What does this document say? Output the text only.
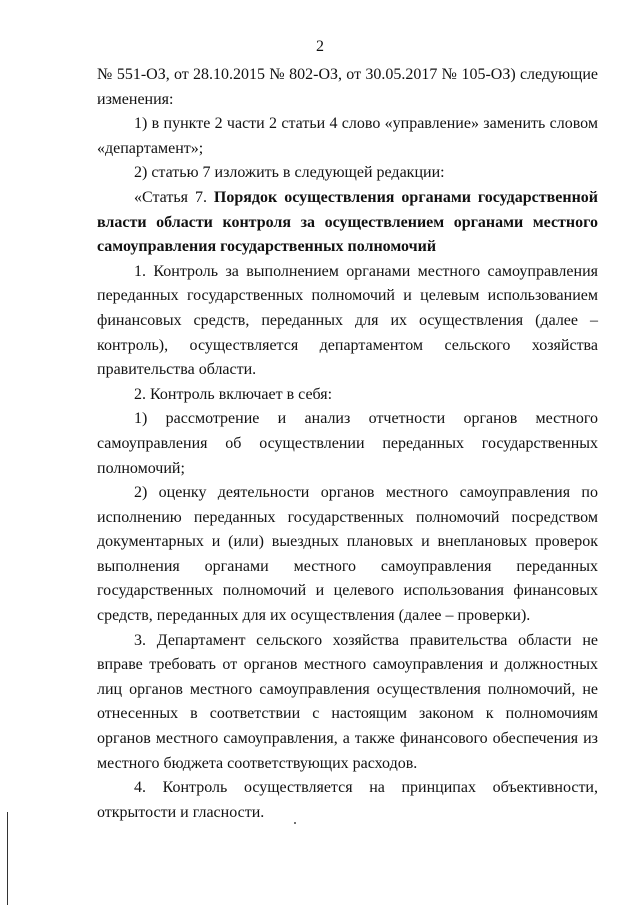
2

№ 551-ОЗ, от 28.10.2015 № 802-ОЗ, от 30.05.2017 № 105-ОЗ) следующие изменения:

1) в пункте 2 части 2 статьи 4 слово «управление» заменить словом «департамент»;

2) статью 7 изложить в следующей редакции:

«Статья 7. Порядок осуществления органами государственной власти области контроля за осуществлением органами местного самоуправления государственных полномочий

1. Контроль за выполнением органами местного самоуправления переданных государственных полномочий и целевым использованием финансовых средств, переданных для их осуществления (далее – контроль), осуществляется департаментом сельского хозяйства правительства области.

2. Контроль включает в себя:

1) рассмотрение и анализ отчетности органов местного самоуправления об осуществлении переданных государственных полномочий;

2) оценку деятельности органов местного самоуправления по исполнению переданных государственных полномочий посредством документарных и (или) выездных плановых и внеплановых проверок выполнения органами местного самоуправления переданных государственных полномочий и целевого использования финансовых средств, переданных для их осуществления (далее – проверки).

3. Департамент сельского хозяйства правительства области не вправе требовать от органов местного самоуправления и должностных лиц органов местного самоуправления осуществления полномочий, не отнесенных в соответствии с настоящим законом к полномочиям органов местного самоуправления, а также финансового обеспечения из местного бюджета соответствующих расходов.

4. Контроль осуществляется на принципах объективности, открытости и гласности.
